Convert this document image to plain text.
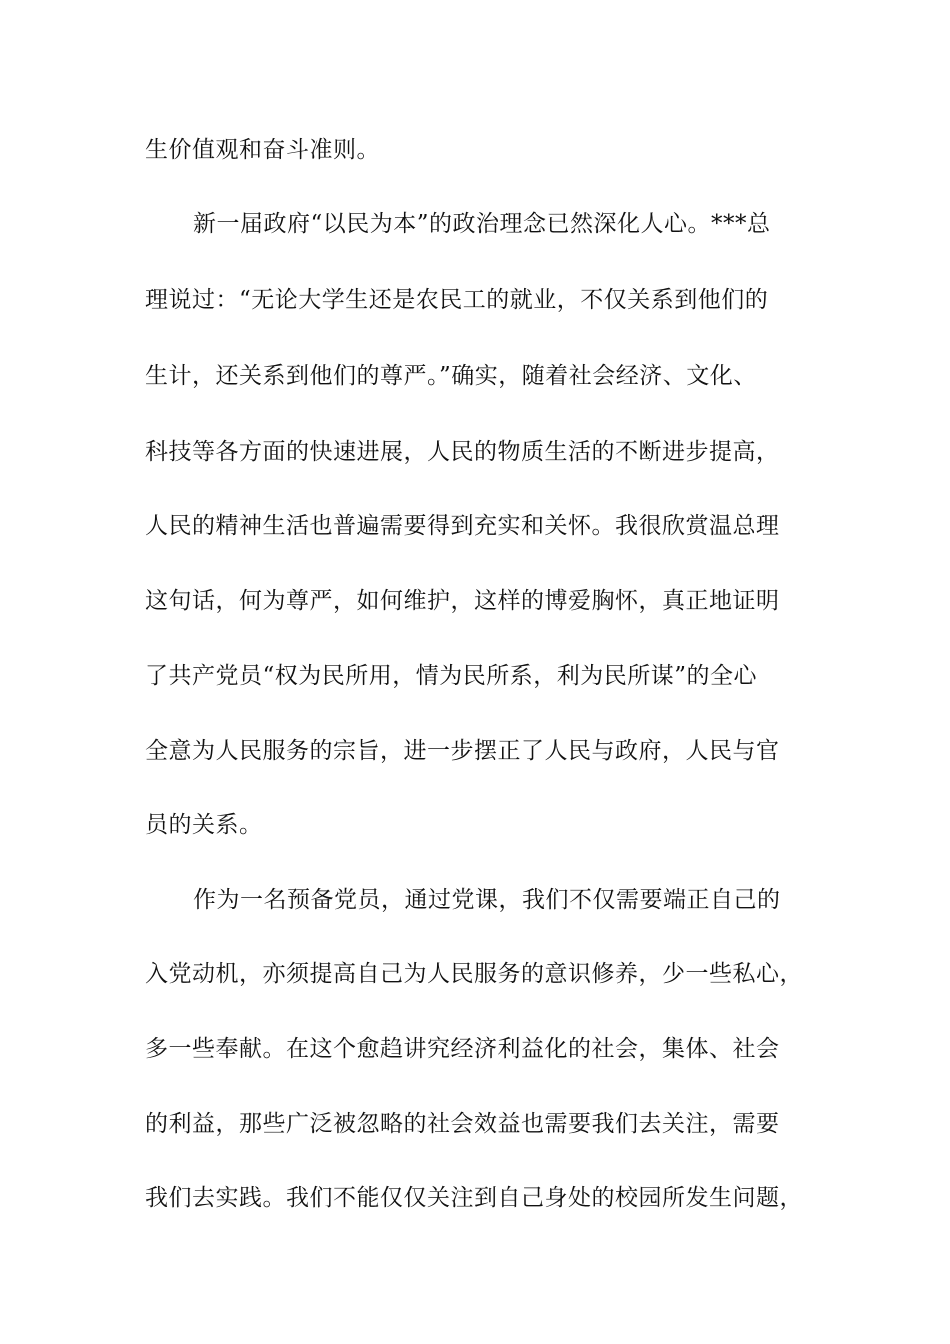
生价值观和奋斗准则。
新一届政府“以民为本”的政治理念已然深化人心。***总
理说过：“无论大学生还是农民工的就业，不仅关系到他们的
生计，还关系到他们的尊严。”确实，随着社会经济、文化、
科技等各方面的快速进展，人民的物质生活的不断进步提高，
人民的精神生活也普遍需要得到充实和关怀。我很欣赏温总理
这句话，何为尊严，如何维护，这样的博爱胸怀，真正地证明
了共产党员“权为民所用，情为民所系，利为民所谋”的全心
全意为人民服务的宗旨，进一步摆正了人民与政府，人民与官
员的关系。
作为一名预备党员，通过党课，我们不仅需要端正自己的
入党动机，亦须提高自己为人民服务的意识修养，少一些私心，
多一些奉献。在这个愈趋讲究经济利益化的社会，集体、社会
的利益，那些广泛被忽略的社会效益也需要我们去关注，需要
我们去实践。我们不能仅仅关注到自己身处的校园所发生问题，
